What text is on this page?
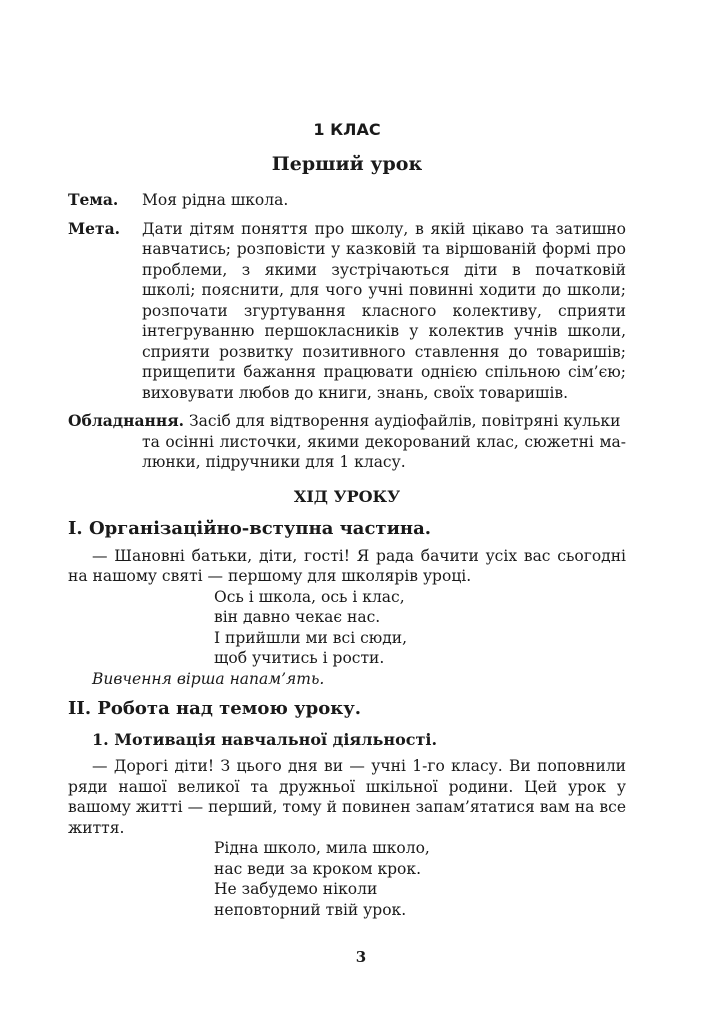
1 КЛАС
Перший урок
Тема.	Моя рідна школа.
Мета.	Дати дітям поняття про школу, в якій цікаво та затишно навчатись; розповісти у казковій та віршованій формі про проблеми, з якими зустрічаються діти в початковій школі; пояснити, для чого учні повинні ходити до школи; розпочати згуртування класного колективу, сприяти інтегруванню першокласників у колектив учнів школи, сприяти розвитку позитивного ставлення до товаришів; прищепити бажання працювати однією спільною сім’єю; виховувати любов до книги, знань, своїх товаришів.
Обладнання. Засіб для відтворення аудіофайлів, повітряні кульки
та осінні листочки, якими декорований клас, сюжетні малюнки, підручники для 1 класу.
ХІД УРОКУ
І. Організаційно-вступна частина.
— Шановні батьки, діти, гості! Я рада бачити усіх вас сьогодні на нашому святі — першому для школярів уроці.
Ось і школа, ось і клас,
він давно чекає нас.
І прийшли ми всі сюди,
щоб учитись і рости.
Вивчення вірша напам’ять.
ІІ. Робота над темою уроку.
1. Мотивація навчальної діяльності.
— Дорогі діти! З цього дня ви — учні 1-го класу. Ви поповнили ряди нашої великої та дружньої шкільної родини. Цей урок у вашому житті — перший, тому й повинен запам’ятатися вам на все життя.
Рідна школо, мила школо,
нас веди за кроком крок.
Не забудемо ніколи
неповторний твій урок.
3
